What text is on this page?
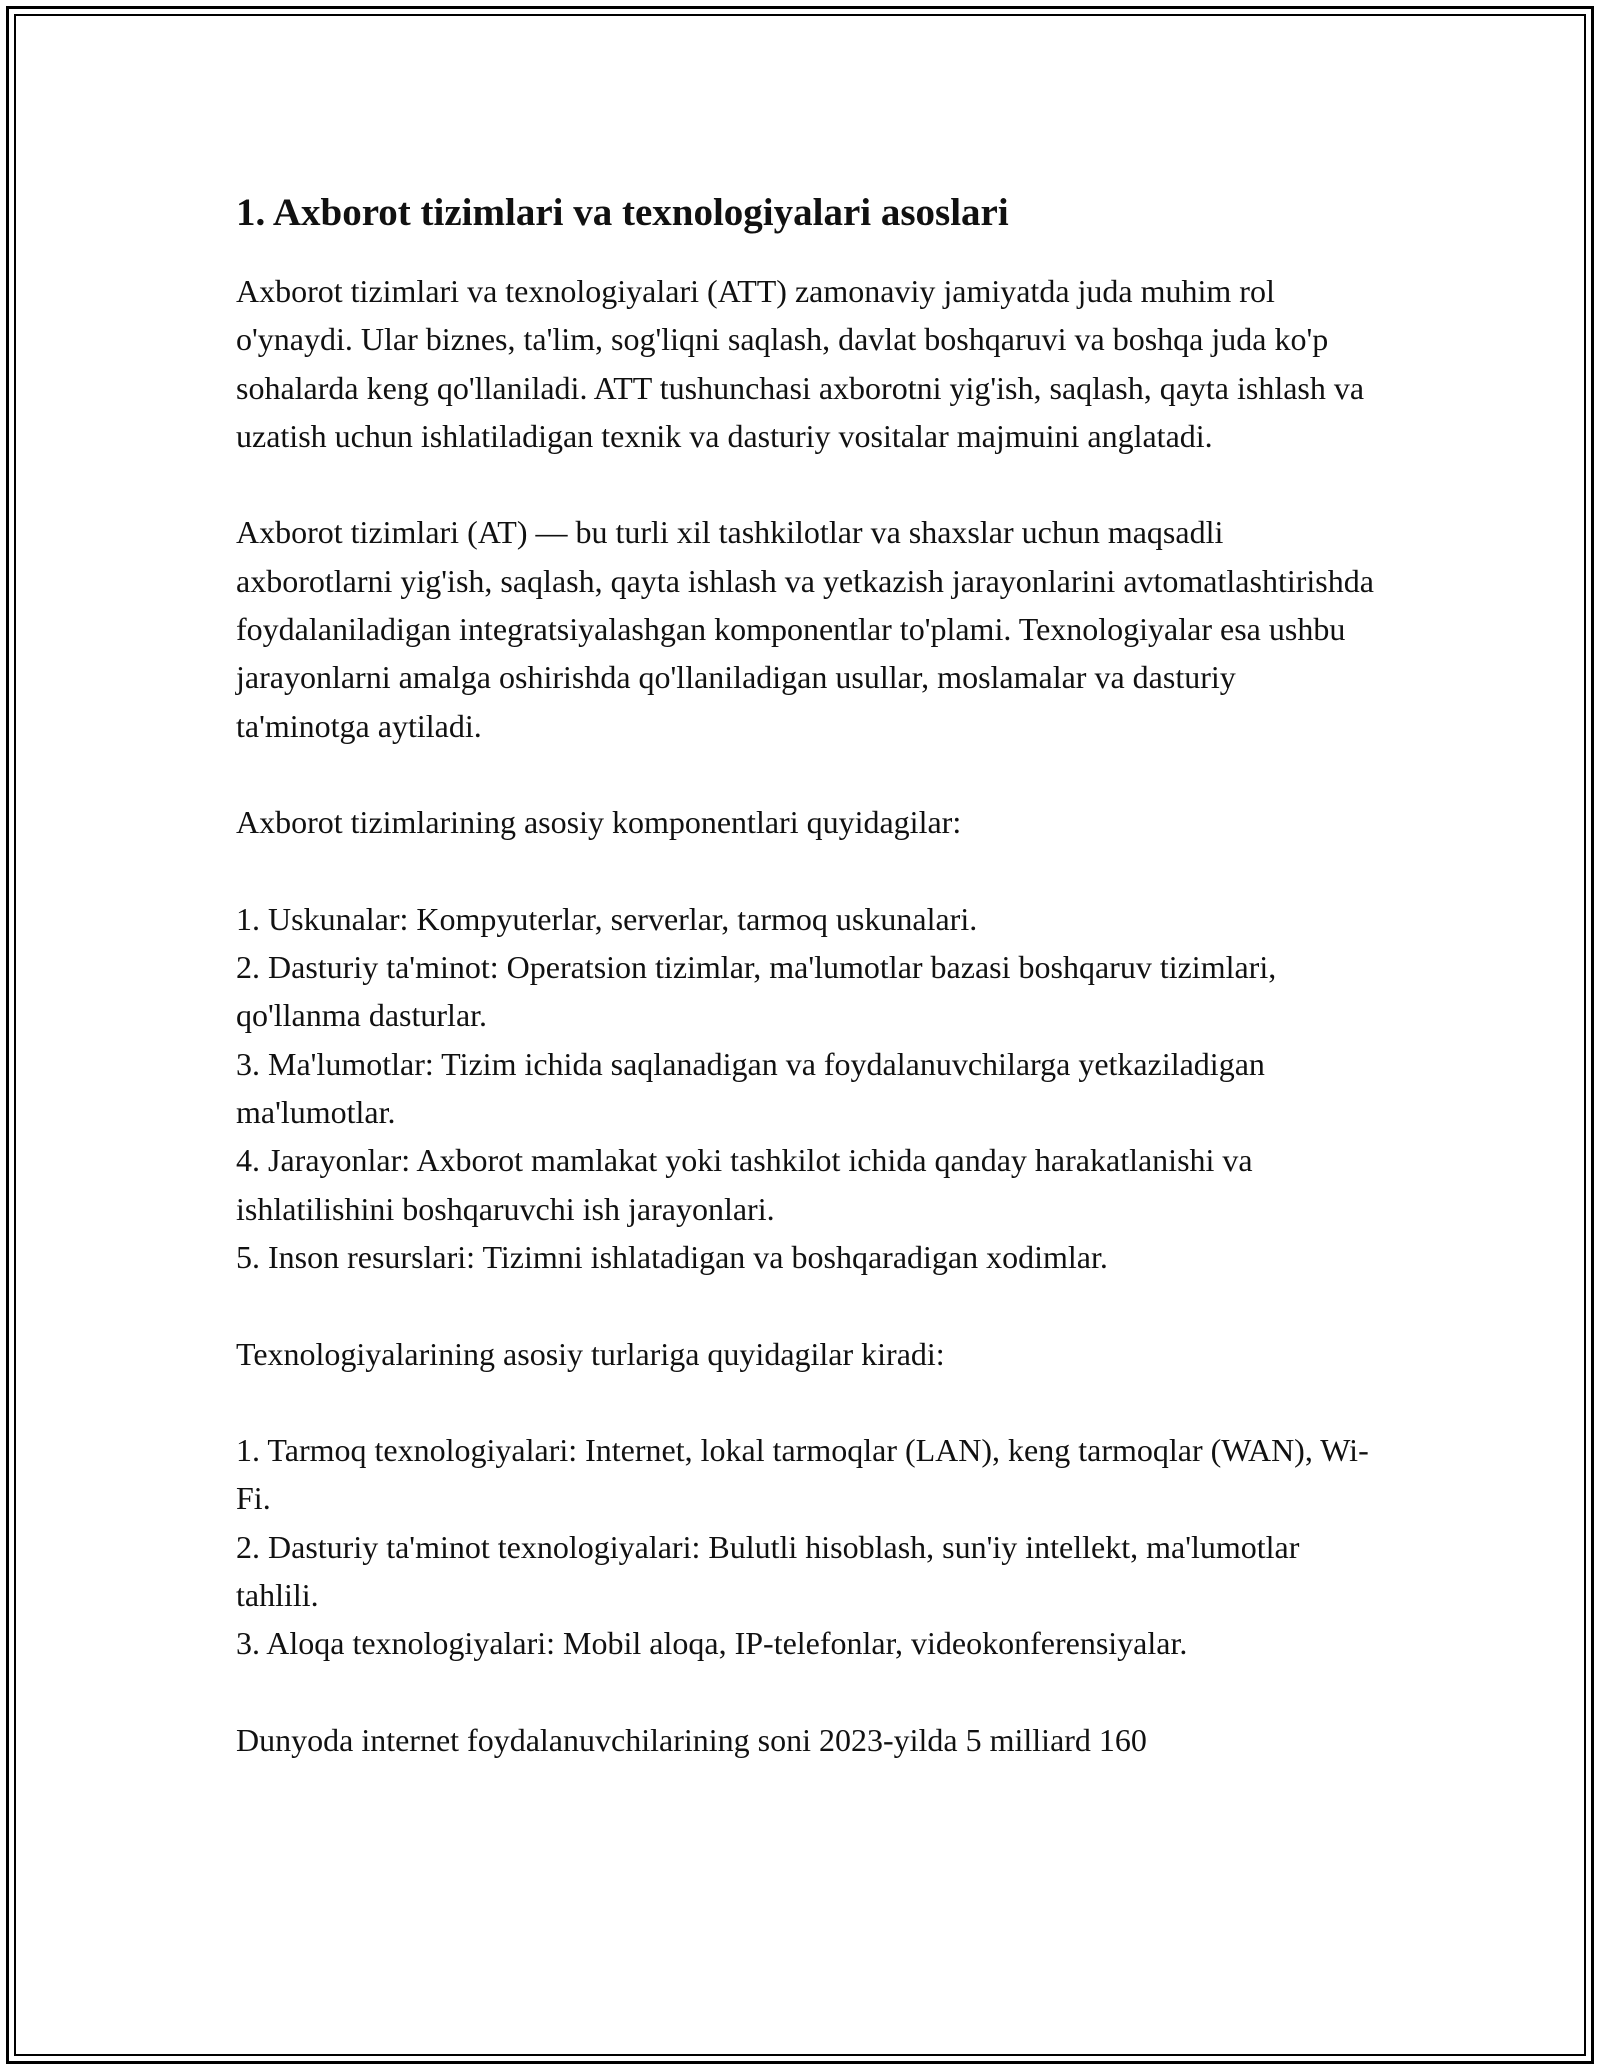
1. Axborot tizimlari va texnologiyalari asoslari

Axborot tizimlari va texnologiyalari (ATT) zamonaviy jamiyatda juda muhim rol o'ynaydi. Ular biznes, ta'lim, sog'liqni saqlash, davlat boshqaruvi va boshqa juda ko'p sohalarda keng qo'llaniladi. ATT tushunchasi axborotni yig'ish, saqlash, qayta ishlash va uzatish uchun ishlatiladigan texnik va dasturiy vositalar majmuini anglatadi.

Axborot tizimlari (AT) — bu turli xil tashkilotlar va shaxslar uchun maqsadli axborotlarni yig'ish, saqlash, qayta ishlash va yetkazish jarayonlarini avtomatlashtirishda foydalaniladigan integratsiyalashgan komponentlar to'plami. Texnologiyalar esa ushbu jarayonlarni amalga oshirishda qo'llaniladigan usullar, moslamalar va dasturiy ta'minotga aytiladi.

Axborot tizimlarining asosiy komponentlari quyidagilar:

1. Uskunalar: Kompyuterlar, serverlar, tarmoq uskunalari.

2. Dasturiy ta'minot: Operatsion tizimlar, ma'lumotlar bazasi boshqaruv tizimlari, qo'llanma dasturlar.

3. Ma'lumotlar: Tizim ichida saqlanadigan va foydalanuvchilarga yetkaziladigan ma'lumotlar.

4. Jarayonlar: Axborot mamlakat yoki tashkilot ichida qanday harakatlanishi va ishlatilishini boshqaruvchi ish jarayonlari.

5. Inson resurslari: Tizimni ishlatadigan va boshqaradigan xodimlar.

Texnologiyalarining asosiy turlariga quyidagilar kiradi:

1. Tarmoq texnologiyalari: Internet, lokal tarmoqlar (LAN), keng tarmoqlar (WAN), Wi-Fi.

2. Dasturiy ta'minot texnologiyalari: Bulutli hisoblash, sun'iy intellekt, ma'lumotlar tahlili.

3. Aloqa texnologiyalari: Mobil aloqa, IP-telefonlar, videokonferensiyalar.

Dunyoda internet foydalanuvchilarining soni 2023-yilda 5 milliard 160
